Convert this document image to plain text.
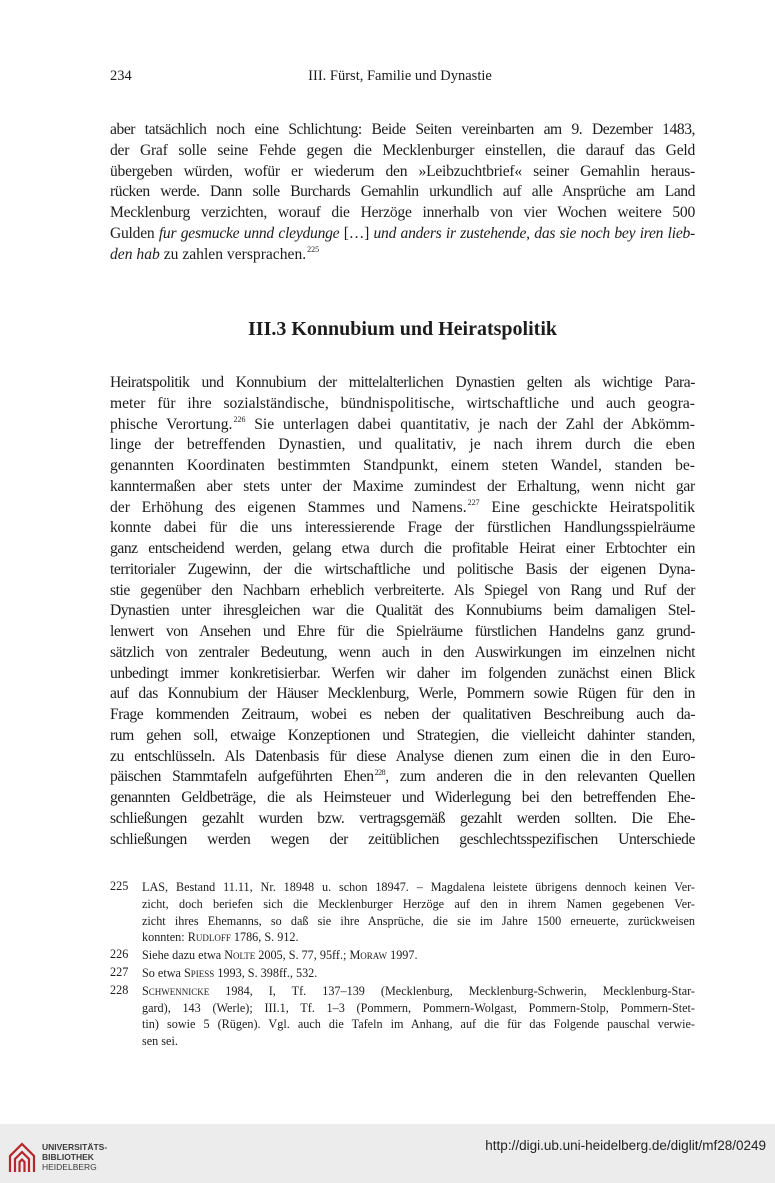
234	III. Fürst, Familie und Dynastie
aber tatsächlich noch eine Schlichtung: Beide Seiten vereinbarten am 9. Dezember 1483,
der Graf solle seine Fehde gegen die Mecklenburger einstellen, die darauf das Geld
übergeben würden, wofür er wiederum den »Leibzuchtbrief« seiner Gemahlin heraus-
rücken werde. Dann solle Burchards Gemahlin urkundlich auf alle Ansprüche am Land
Mecklenburg verzichten, worauf die Herzöge innerhalb von vier Wochen weitere 500
Gulden fur gesmucke unnd cleydunge […] und anders ir zustehende, das sie noch bey iren lieb-
den hab zu zahlen versprachen.$^{225}$
III.3 Konnubium und Heiratspolitik
Heiratspolitik und Konnubium der mittelalterlichen Dynastien gelten als wichtige Para-
meter für ihre sozialständische, bündnispolitische, wirtschaftliche und auch geogra-
phische Verortung.$^{226}$ Sie unterlagen dabei quantitativ, je nach der Zahl der Abkömm-
linge der betreffenden Dynastien, und qualitativ, je nach ihrem durch die eben
genannten Koordinaten bestimmten Standpunkt, einem steten Wandel, standen be-
kanntermaßen aber stets unter der Maxime zumindest der Erhaltung, wenn nicht gar
der Erhöhung des eigenen Stammes und Namens.$^{227}$ Eine geschickte Heiratspolitik
konnte dabei für die uns interessierende Frage der fürstlichen Handlungsspielräume
ganz entscheidend werden, gelang etwa durch die profitable Heirat einer Erbtochter ein
territorialer Zugewinn, der die wirtschaftliche und politische Basis der eigenen Dyna-
stie gegenüber den Nachbarn erheblich verbreiterte. Als Spiegel von Rang und Ruf der
Dynastien unter ihresgleichen war die Qualität des Konnubiums beim damaligen Stel-
lenwert von Ansehen und Ehre für die Spielräume fürstlichen Handelns ganz grund-
sätzlich von zentraler Bedeutung, wenn auch in den Auswirkungen im einzelnen nicht
unbedingt immer konkretisierbar. Werfen wir daher im folgenden zunächst einen Blick
auf das Konnubium der Häuser Mecklenburg, Werle, Pommern sowie Rügen für den in
Frage kommenden Zeitraum, wobei es neben der qualitativen Beschreibung auch da-
rum gehen soll, etwaige Konzeptionen und Strategien, die vielleicht dahinter standen,
zu entschlüsseln. Als Datenbasis für diese Analyse dienen zum einen die in den Euro-
päischen Stammtafeln aufgeführten Ehen$^{228}$, zum anderen die in den relevanten Quellen
genannten Geldbeträge, die als Heimsteuer und Widerlegung bei den betreffenden Ehe-
schließungen gezahlt wurden bzw. vertragsgemäß gezahlt werden sollten. Die Ehe-
schließungen werden wegen der zeitüblichen geschlechtsspezifischen Unterschiede
225 LAS, Bestand 11.11, Nr. 18948 u. schon 18947. – Magdalena leistete übrigens dennoch keinen Ver-
zicht, doch beriefen sich die Mecklenburger Herzöge auf den in ihrem Namen gegebenen Ver-
zicht ihres Ehemanns, so daß sie ihre Ansprüche, die sie im Jahre 1500 erneuerte, zurückweisen
konnten: Rudloff 1786, S. 912.
226 Siehe dazu etwa Nolte 2005, S. 77, 95ff.; Moraw 1997.
227 So etwa Spiess 1993, S. 398ff., 532.
228 Schwennicke 1984, I, Tf. 137–139 (Mecklenburg, Mecklenburg-Schwerin, Mecklenburg-Star-
gard), 143 (Werle); III.1, Tf. 1–3 (Pommern, Pommern-Wolgast, Pommern-Stolp, Pommern-Stet-
tin) sowie 5 (Rügen). Vgl. auch die Tafeln im Anhang, auf die für das Folgende pauschal verwie-
sen sei.
UNIVERSITÄTS-
BIBLIOTHEK
HEIDELBERG
http://digi.ub.uni-heidelberg.de/diglit/mf28/0249
